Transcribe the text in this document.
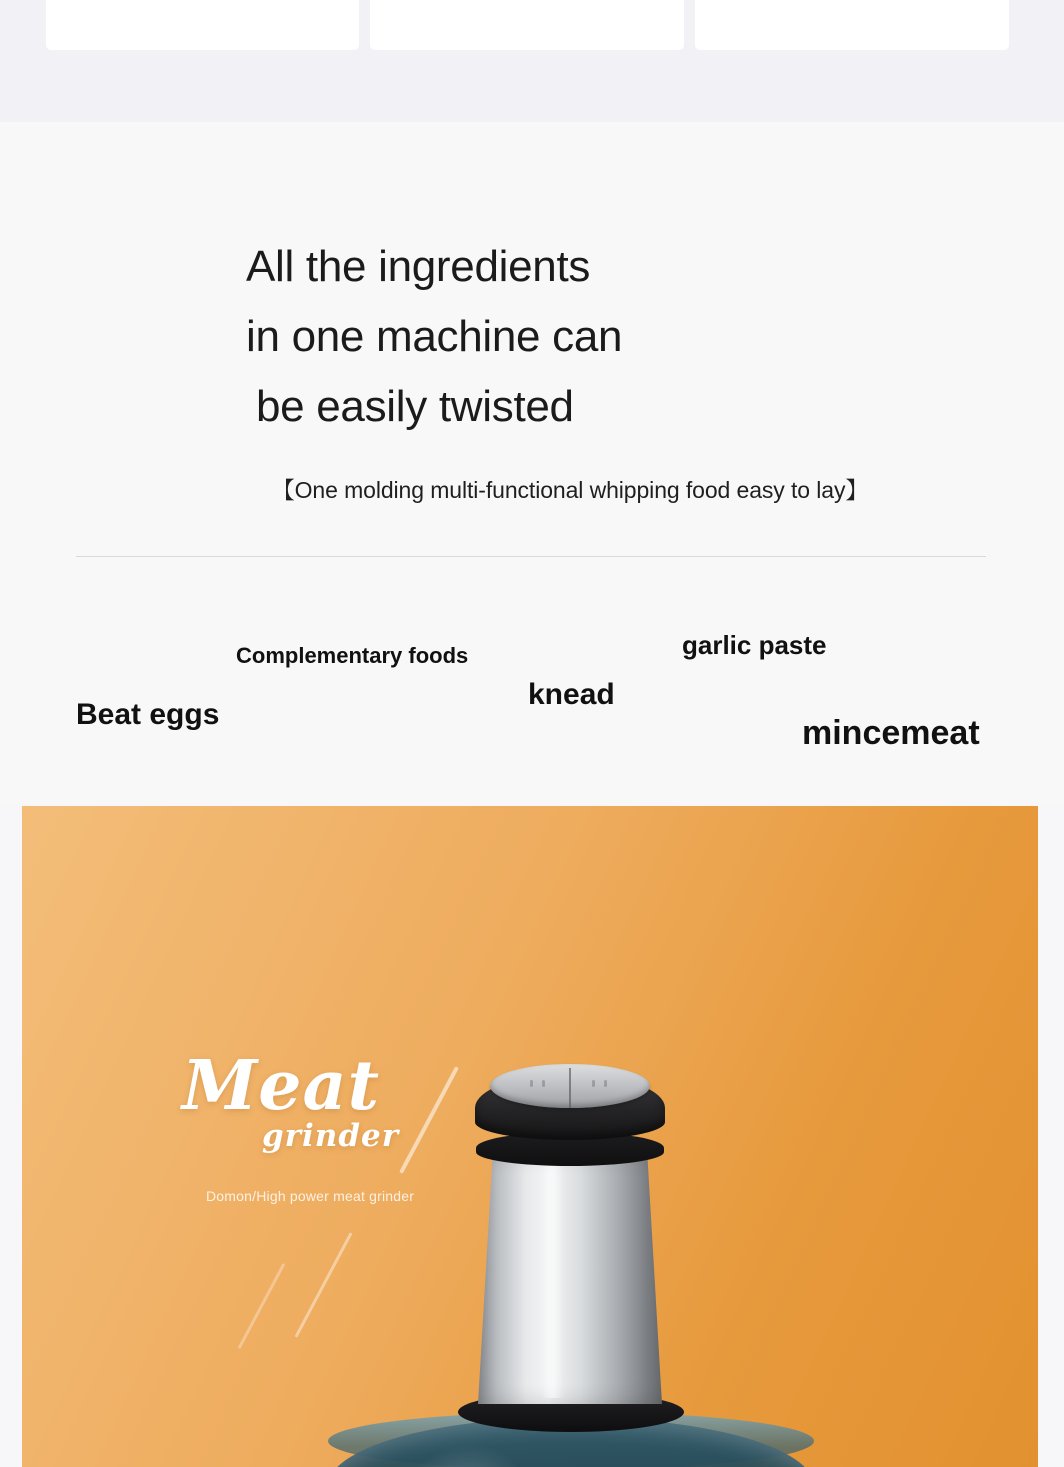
All the ingredients
in one machine can
be easily twisted
【One molding multi-functional whipping food easy to lay】
Complementary foods	garlic paste
knead
Beat eggs	mincemeat
Meat
grinder
Domon/High power meat grinder
